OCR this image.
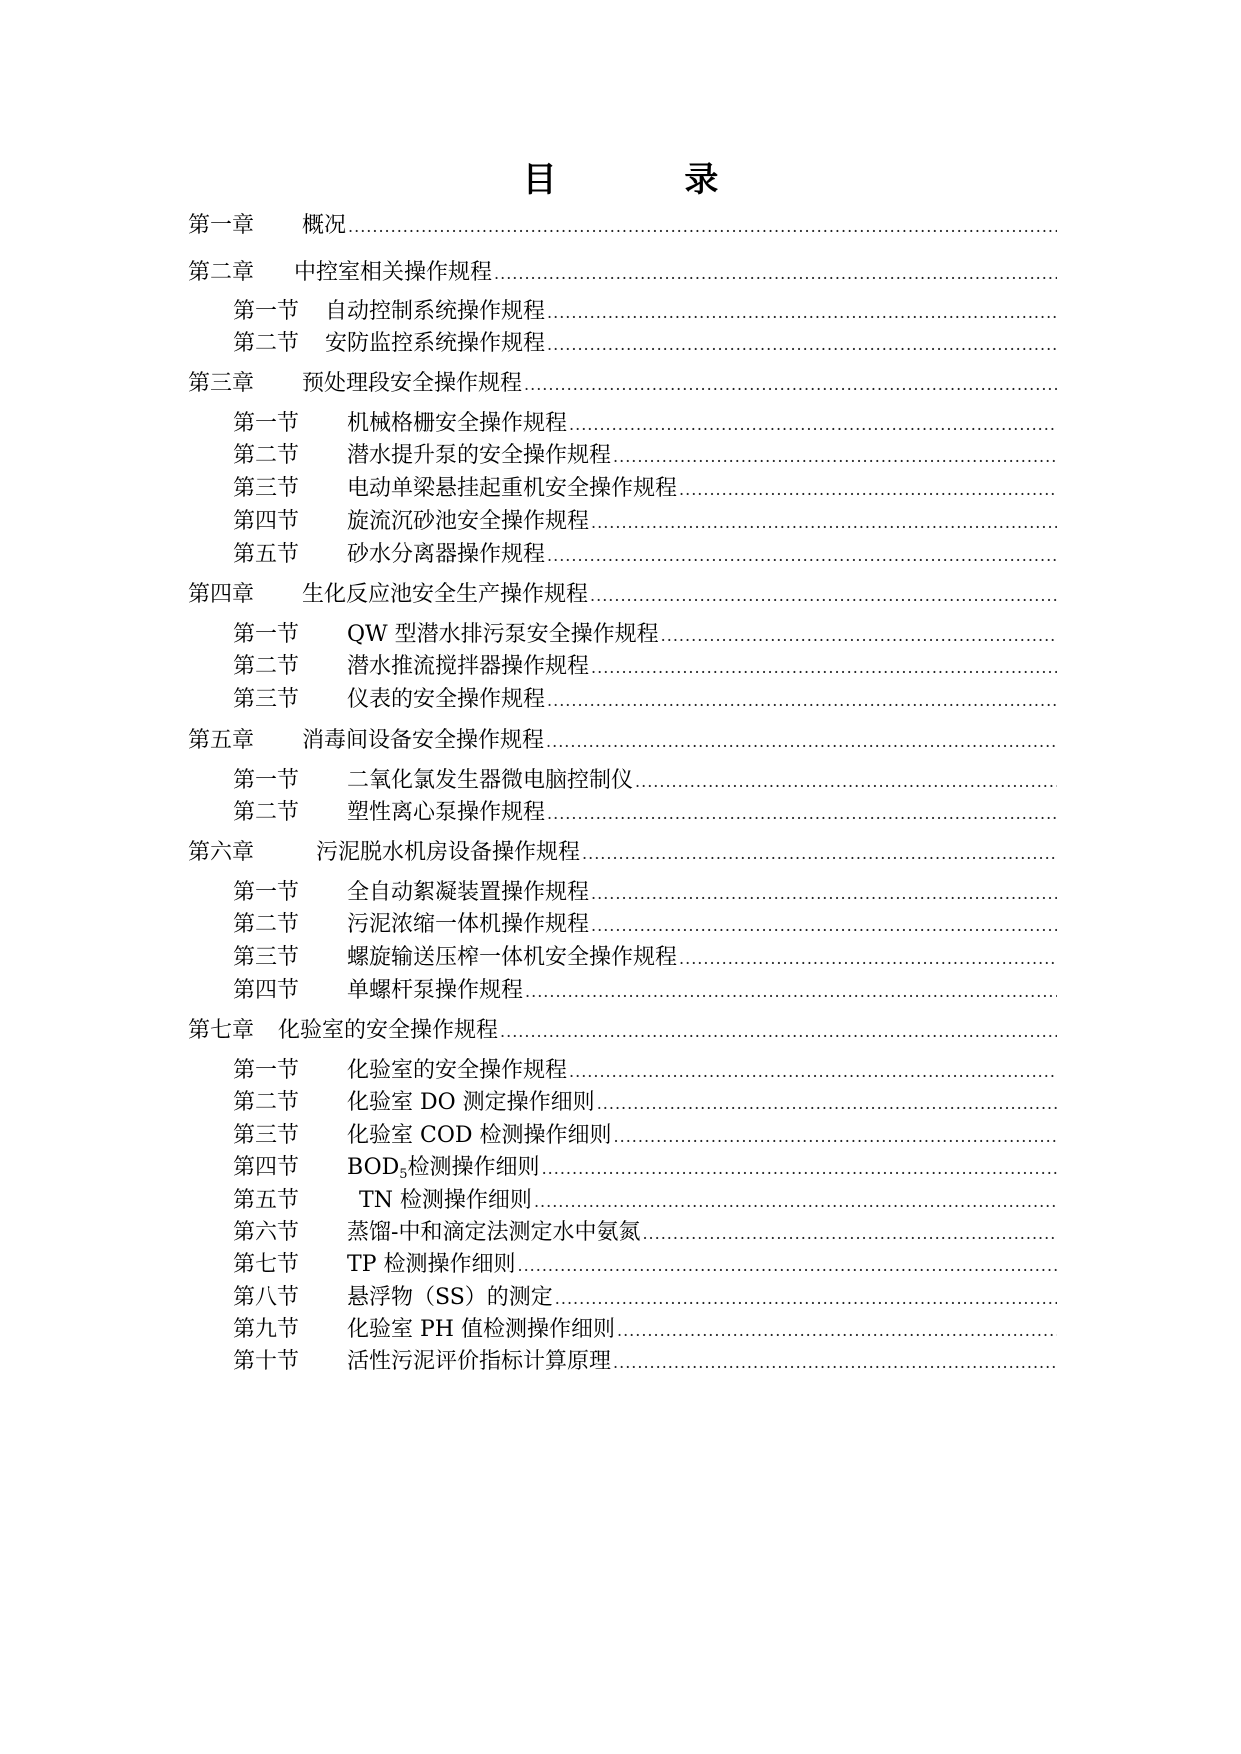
目 录
第一章 概况
.....
第二章 中控室相关操作规程
.....
第一节 自动控制系统操作规程
.....
第二节 安防监控系统操作规程
.....
第三章 预处理段安全操作规程
.....
第一节 机械格栅安全操作规程
.....
第二节 潜水提升泵的安全操作规程
.....
第三节 电动单梁悬挂起重机安全操作规程
.....
第四节 旋流沉砂池安全操作规程
.....
第五节 砂水分离器操作规程
.....
第四章 生化反应池安全生产操作规程
.....
第一节 QW 型潜水排污泵安全操作规程
.....
第二节 潜水推流搅拌器操作规程
.....
第三节 仪表的安全操作规程
.....
第五章 消毒间设备安全操作规程
.....
第一节 二氧化氯发生器微电脑控制仪
.....
第二节 塑性离心泵操作规程
.....
第六章	污泥脱水机房设备操作规程
.....
第一节 全自动絮凝装置操作规程
.....
第二节 污泥浓缩一体机操作规程
.....
第三节 螺旋输送压榨一体机安全操作规程
.....
第四节 单螺杆泵操作规程
.....
第七章 化验室的安全操作规程
.....
第一节 化验室的安全操作规程
.....
第二节 化验室 DO 测定操作细则
.....
第三节 化验室 COD 检测操作细则
.....
第四节 $BOD_5$检测操作细则
.....
第五节	TN 检测操作细则
.....
第六节 蒸馏-中和滴定法测定水中氨氮
.....
第七节 TP 检测操作细则
.....
第八节 悬浮物（SS）的测定
.....
第九节 化验室 PH 值检测操作细则
.....
第十节 活性污泥评价指标计算原理
.....
